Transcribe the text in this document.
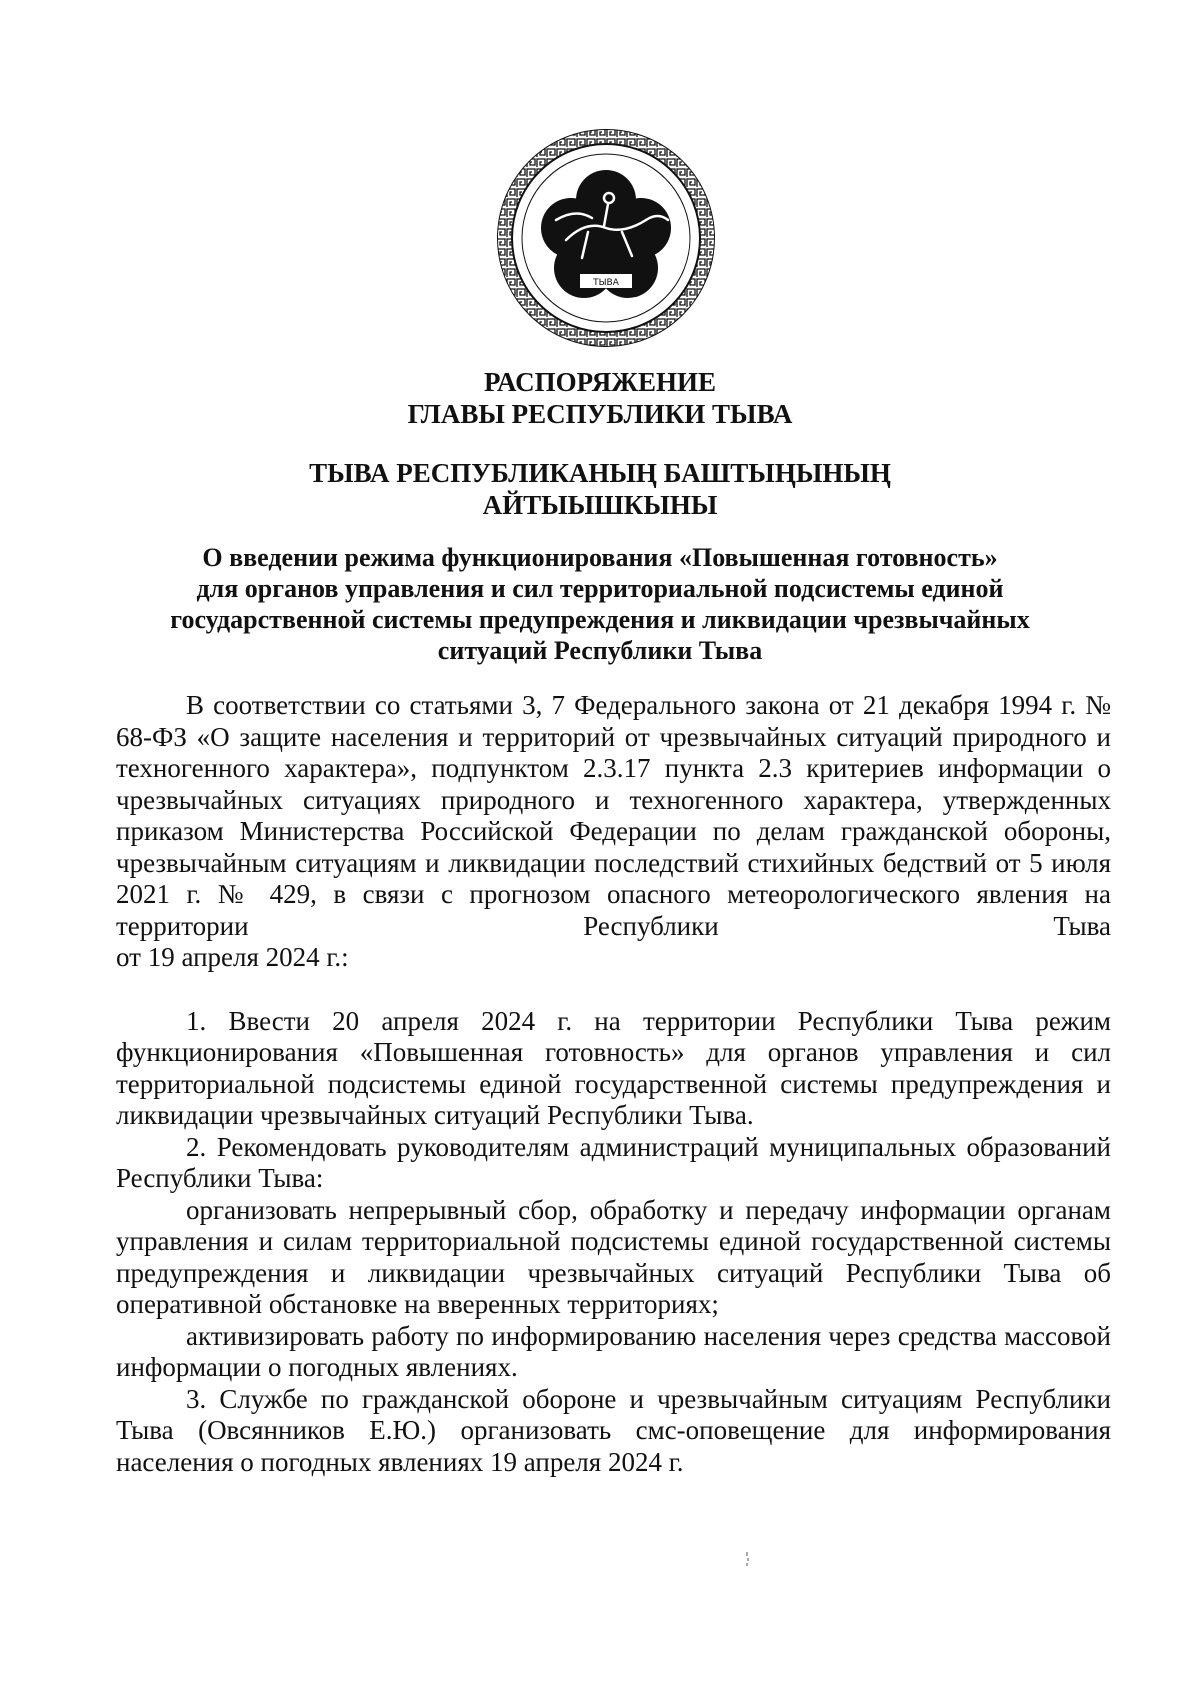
ТЫВА
РАСПОРЯЖЕНИЕ
ГЛАВЫ РЕСПУБЛИКИ ТЫВА
ТЫВА РЕСПУБЛИКАНЫҢ БАШТЫҢЫНЫҢ
АЙТЫЫШКЫНЫ
О введении режима функционирования «Повышенная готовность»
для органов управления и сил территориальной подсистемы единой
государственной системы предупреждения и ликвидации чрезвычайных
ситуаций Республики Тыва

В соответствии со статьями 3, 7 Федерального закона от 21 декабря 1994 г. № 68-ФЗ «О защите населения и территорий от чрезвычайных ситуаций природного и техногенного характера», подпунктом 2.3.17 пункта 2.3 критериев информации о чрезвычайных ситуациях природного и техногенного характера, утвержденных приказом Министерства Российской Федерации по делам гражданской обороны, чрезвычайным ситуациям и ликвидации последствий стихийных бедствий от 5 июля 2021 г. № 429, в связи с прогнозом опасного метеорологического явления на территории Республики Тыва

от 19 апреля 2024 г.:

1. Ввести 20 апреля 2024 г. на территории Республики Тыва режим функционирования «Повышенная готовность» для органов управления и сил территориальной подсистемы единой государственной системы предупреждения и ликвидации чрезвычайных ситуаций Республики Тыва.

2. Рекомендовать руководителям администраций муниципальных образований Республики Тыва:

организовать непрерывный сбор, обработку и передачу информации органам управления и силам территориальной подсистемы единой государственной системы предупреждения и ликвидации чрезвычайных ситуаций Республики Тыва об оперативной обстановке на вверенных территориях;

активизировать работу по информированию населения через средства массовой информации о погодных явлениях.

3. Службе по гражданской обороне и чрезвычайным ситуациям Республики Тыва (Овсянников Е.Ю.) организовать смс-оповещение для информирования населения о погодных явлениях 19 апреля 2024 г.
